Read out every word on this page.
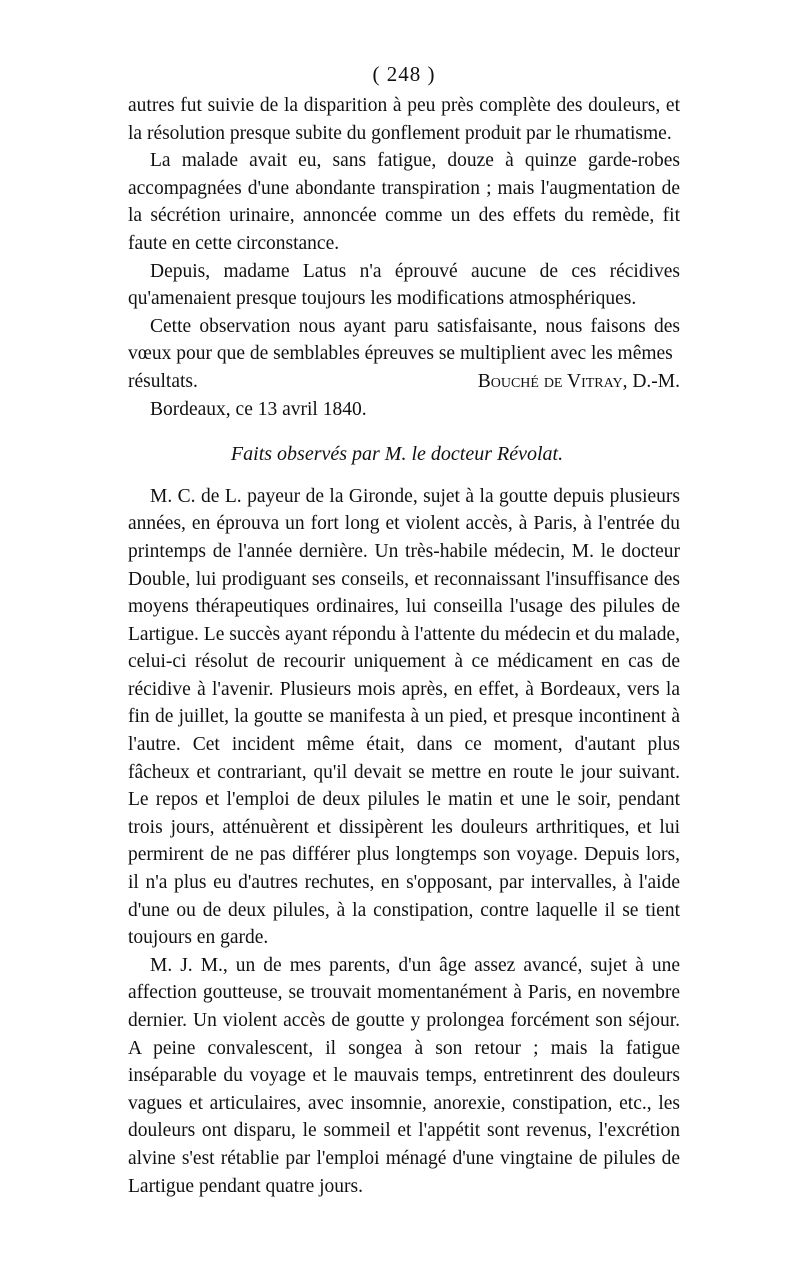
( 248 )

autres fut suivie de la disparition à peu près complète des douleurs, et la résolution presque subite du gonflement produit par le rhumatisme.

La malade avait eu, sans fatigue, douze à quinze garde-robes accompagnées d'une abondante transpiration ; mais l'augmentation de la sécrétion urinaire, annoncée comme un des effets du remède, fit faute en cette circonstance.

Depuis, madame Latus n'a éprouvé aucune de ces récidives qu'amenaient presque toujours les modifications atmosphériques.

Cette observation nous ayant paru satisfaisante, nous faisons des vœux pour que de semblables épreuves se multiplient avec les mêmes

résultats.	Bouché de Vitray, D.-M.

Bordeaux, ce 13 avril 1840.

Faits observés par M. le docteur Révolat.

M. C. de L. payeur de la Gironde, sujet à la goutte depuis plusieurs années, en éprouva un fort long et violent accès, à Paris, à l'entrée du printemps de l'année dernière. Un très-habile médecin, M. le docteur Double, lui prodiguant ses conseils, et reconnaissant l'insuffisance des moyens thérapeutiques ordinaires, lui conseilla l'usage des pilules de Lartigue. Le succès ayant répondu à l'attente du médecin et du malade, celui-ci résolut de recourir uniquement à ce médicament en cas de récidive à l'avenir. Plusieurs mois après, en effet, à Bordeaux, vers la fin de juillet, la goutte se manifesta à un pied, et presque incontinent à l'autre. Cet incident même était, dans ce moment, d'autant plus fâcheux et contrariant, qu'il devait se mettre en route le jour suivant. Le repos et l'emploi de deux pilules le matin et une le soir, pendant trois jours, atténuèrent et dissipèrent les douleurs arthritiques, et lui permirent de ne pas différer plus longtemps son voyage. Depuis lors, il n'a plus eu d'autres rechutes, en s'opposant, par intervalles, à l'aide d'une ou de deux pilules, à la constipation, contre laquelle il se tient toujours en garde.

M. J. M., un de mes parents, d'un âge assez avancé, sujet à une affection goutteuse, se trouvait momentanément à Paris, en novembre dernier. Un violent accès de goutte y prolongea forcément son séjour. A peine convalescent, il songea à son retour ; mais la fatigue inséparable du voyage et le mauvais temps, entretinrent des douleurs vagues et articulaires, avec insomnie, anorexie, constipation, etc., les douleurs ont disparu, le sommeil et l'appétit sont revenus, l'excrétion alvine s'est rétablie par l'emploi ménagé d'une vingtaine de pilules de Lartigue pendant quatre jours.
